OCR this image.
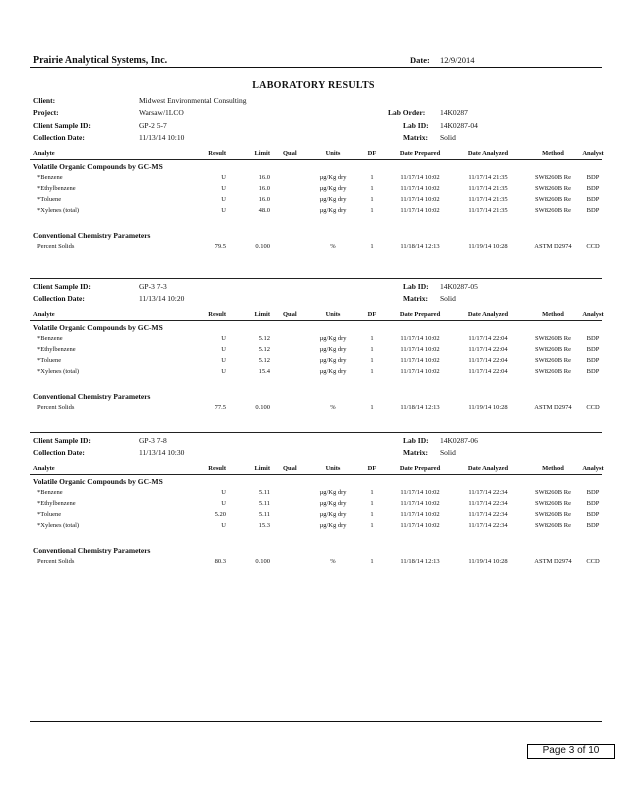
Prairie Analytical Systems, Inc.	Date: 12/9/2014
LABORATORY RESULTS
Client:	Midwest Environmental Consulting
Project:	Warsaw/1LCO	Lab Order: 14K0287
Client Sample ID:	GP-2 5-7	Lab ID: 14K0287-04
Collection Date:	11/13/14 10:10	Matrix: Solid
Analyte	Result	Limit Qual	Units	DF	Date Prepared	Date Analyzed	Method	Analyst
Volatile Organic Compounds by GC-MS
*Benzene	U	16.0	µg/Kg dry	1	11/17/14 10:02	11/17/14 21:35	SW8260B Re	BDP
*Ethylbenzene	U	16.0	µg/Kg dry	1	11/17/14 10:02	11/17/14 21:35	SW8260B Re	BDP
*Toluene	U	16.0	µg/Kg dry	1	11/17/14 10:02	11/17/14 21:35	SW8260B Re	BDP
*Xylenes (total)	U	48.0	µg/Kg dry	1	11/17/14 10:02	11/17/14 21:35	SW8260B Re	BDP
Conventional Chemistry Parameters
Percent Solids	79.5	0.100	%	1	11/18/14 12:13	11/19/14 10:28	ASTM D2974	CCD
Client Sample ID:	GP-3 7-3	Lab ID: 14K0287-05
Collection Date:	11/13/14 10:20	Matrix: Solid
Analyte	Result	Limit Qual	Units	DF	Date Prepared	Date Analyzed	Method	Analyst
Volatile Organic Compounds by GC-MS
*Benzene	U	5.12	µg/Kg dry	1	11/17/14 10:02	11/17/14 22:04	SW8260B Re	BDP
*Ethylbenzene	U	5.12	µg/Kg dry	1	11/17/14 10:02	11/17/14 22:04	SW8260B Re	BDP
*Toluene	U	5.12	µg/Kg dry	1	11/17/14 10:02	11/17/14 22:04	SW8260B Re	BDP
*Xylenes (total)	U	15.4	µg/Kg dry	1	11/17/14 10:02	11/17/14 22:04	SW8260B Re	BDP
Conventional Chemistry Parameters
Percent Solids	77.5	0.100	%	1	11/18/14 12:13	11/19/14 10:28	ASTM D2974	CCD
Client Sample ID:	GP-3 7-8	Lab ID: 14K0287-06
Collection Date:	11/13/14 10:30	Matrix: Solid
Analyte	Result	Limit Qual	Units	DF	Date Prepared	Date Analyzed	Method	Analyst
Volatile Organic Compounds by GC-MS
*Benzene	U	5.11	µg/Kg dry	1	11/17/14 10:02	11/17/14 22:34	SW8260B Re	BDP
*Ethylbenzene	U	5.11	µg/Kg dry	1	11/17/14 10:02	11/17/14 22:34	SW8260B Re	BDP
*Toluene	5.20	5.11	µg/Kg dry	1	11/17/14 10:02	11/17/14 22:34	SW8260B Re	BDP
*Xylenes (total)	U	15.3	µg/Kg dry	1	11/17/14 10:02	11/17/14 22:34	SW8260B Re	BDP
Conventional Chemistry Parameters
Percent Solids	80.3	0.100	%	1	11/18/14 12:13	11/19/14 10:28	ASTM D2974	CCD
Page 3 of 10
